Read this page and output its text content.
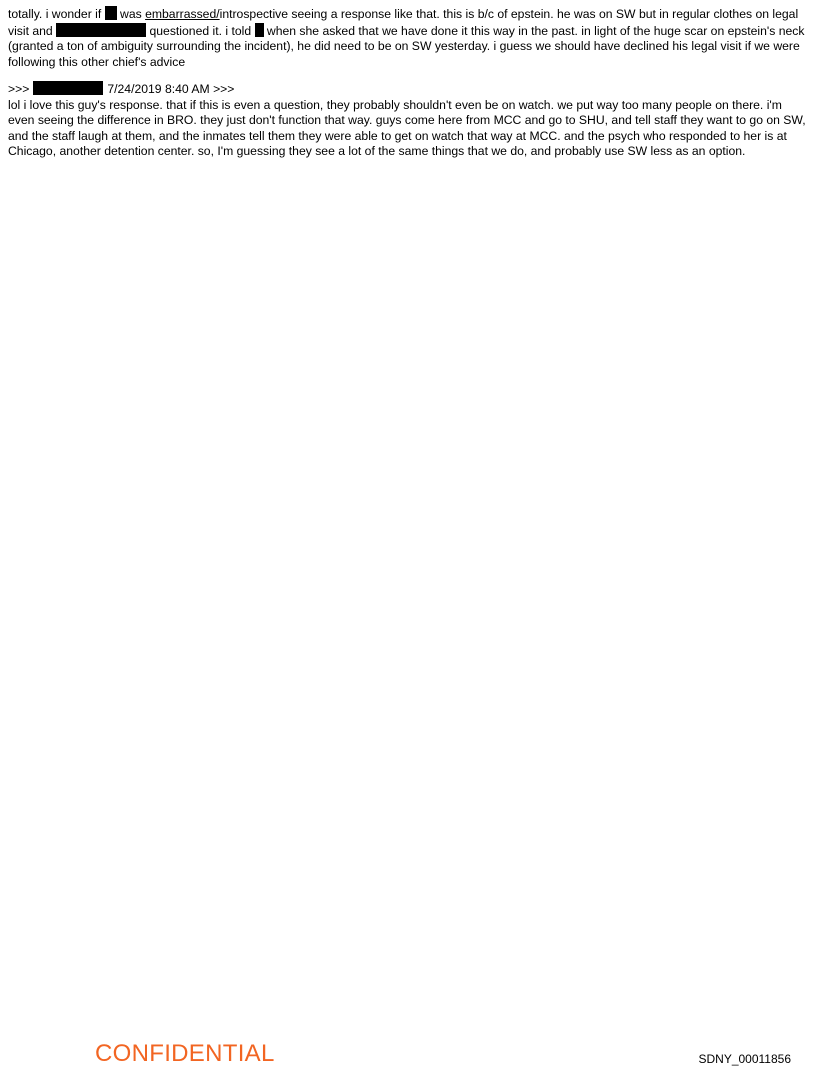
totally. i wonder if  was embarrassed/introspective seeing a response like that. this is b/c of epstein. he was on SW but in regular clothes on legal visit and	questioned it. i told  when she asked that we have done it this way in the past. in light of the huge scar on epstein's neck (granted a ton of ambiguity surrounding the incident), he did need to be on SW yesterday. i guess we should have declined his legal visit if we were following this other chief's advice

>>>	7/24/2019 8:40 AM >>>

lol i love this guy's response. that if this is even a question, they probably shouldn't even be on watch. we put way too many people on there. i'm even seeing the difference in BRO. they just don't function that way. guys come here from MCC and go to SHU, and tell staff they want to go on SW, and the staff laugh at them, and the inmates tell them they were able to get on watch that way at MCC. and the psych who responded to her is at Chicago, another detention center. so, I'm guessing they see a lot of the same things that we do, and probably use SW less as an option.

CONFIDENTIAL	SDNY_00011856
